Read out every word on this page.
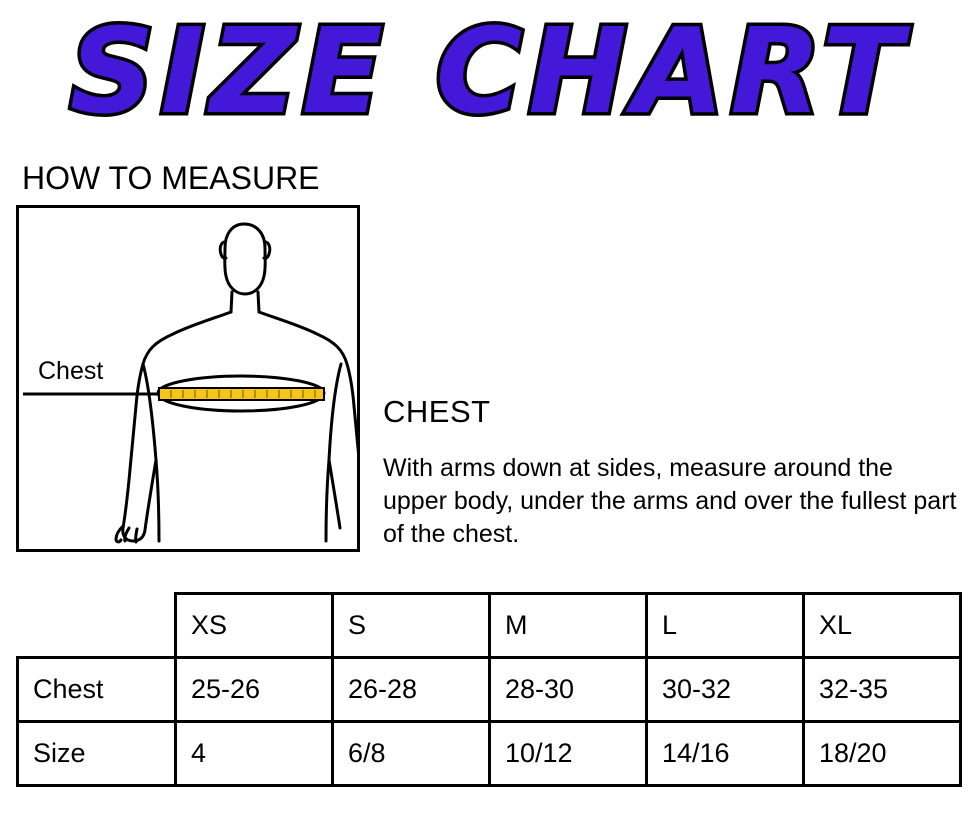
SIZE CHART
HOW TO MEASURE
Chest
CHEST
With arms down at sides, measure around the upper body, under the arms and over the fullest part of the chest.
	XS	S	M	L	XL
Chest	25-26	26-28	28-30	30-32	32-35
Size	4	6/8	10/12	14/16	18/20
